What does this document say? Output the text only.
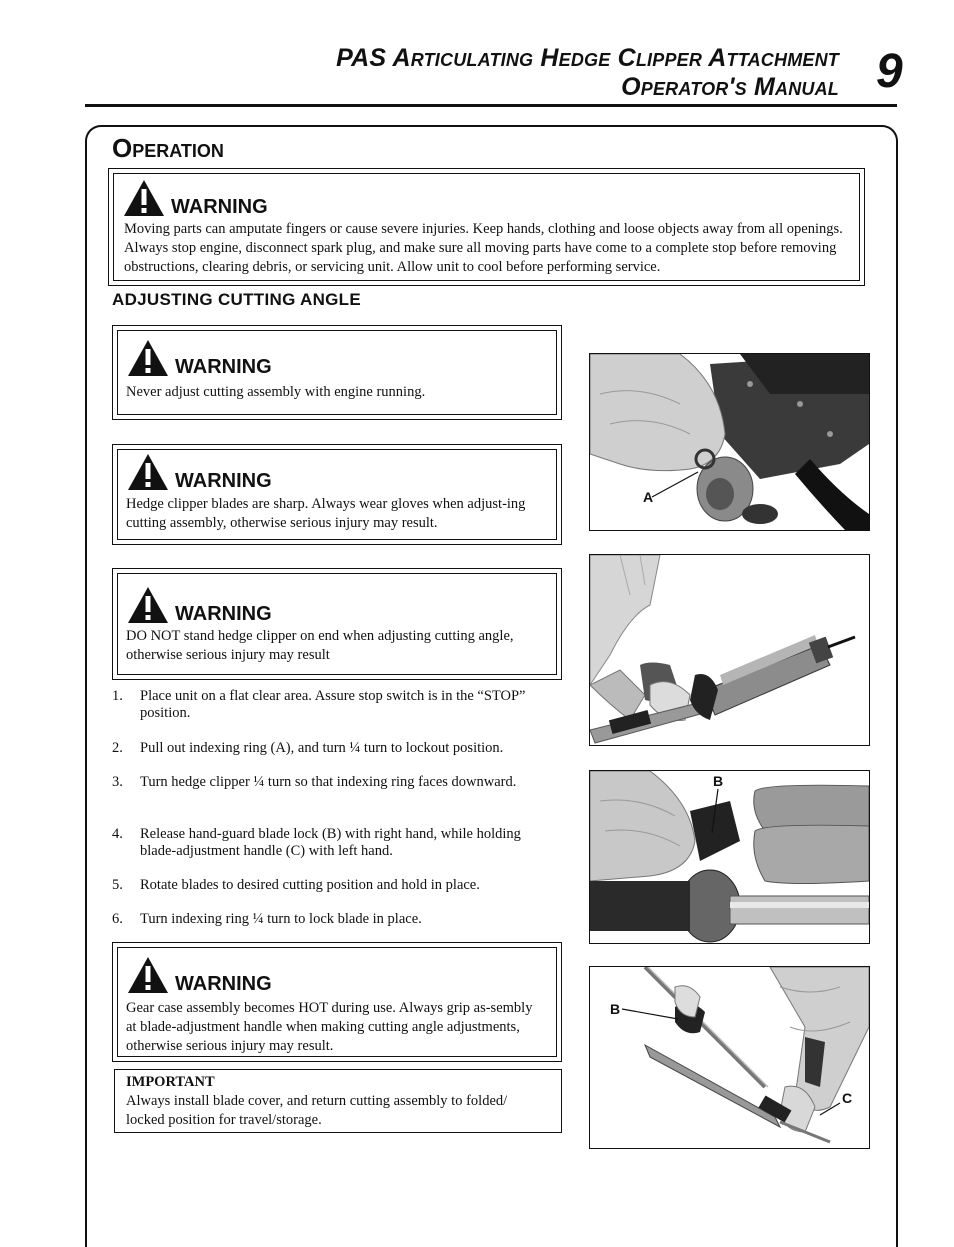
PAS Articulating Hedge Clipper Attachment
Operator's Manual 9
Operation
WARNING
Moving parts can amputate fingers or cause severe injuries. Keep hands, clothing and loose objects away from all openings. Always stop engine, disconnect spark plug, and make sure all moving parts have come to a complete stop before removing obstructions, clearing debris, or servicing unit. Allow unit to cool before performing service.
ADJUSTING CUTTING ANGLE
WARNING
Never adjust cutting assembly with engine running.
WARNING
Hedge clipper blades are sharp. Always wear gloves when adjust-ing cutting assembly, otherwise serious injury may result.
WARNING
DO NOT stand hedge clipper on end when adjusting cutting angle, otherwise serious injury may result
1. Place unit on a flat clear area. Assure stop switch is in the “STOP” position.
2. Pull out indexing ring (A), and turn ¼ turn to lockout position.
3. Turn hedge clipper ¼ turn so that indexing ring faces downward.
4. Release hand-guard blade lock (B) with right hand, while holding blade-adjustment handle (C) with left hand.
5. Rotate blades to desired cutting position and hold in place.
6. Turn indexing ring ¼ turn to lock blade in place.
WARNING
Gear case assembly becomes HOT during use. Always grip as-sembly at blade-adjustment handle when making cutting angle adjustments, otherwise serious injury may result.
IMPORTANT
Always install blade cover, and return cutting assembly to folded/ locked position for travel/storage.
A
B
B
C
